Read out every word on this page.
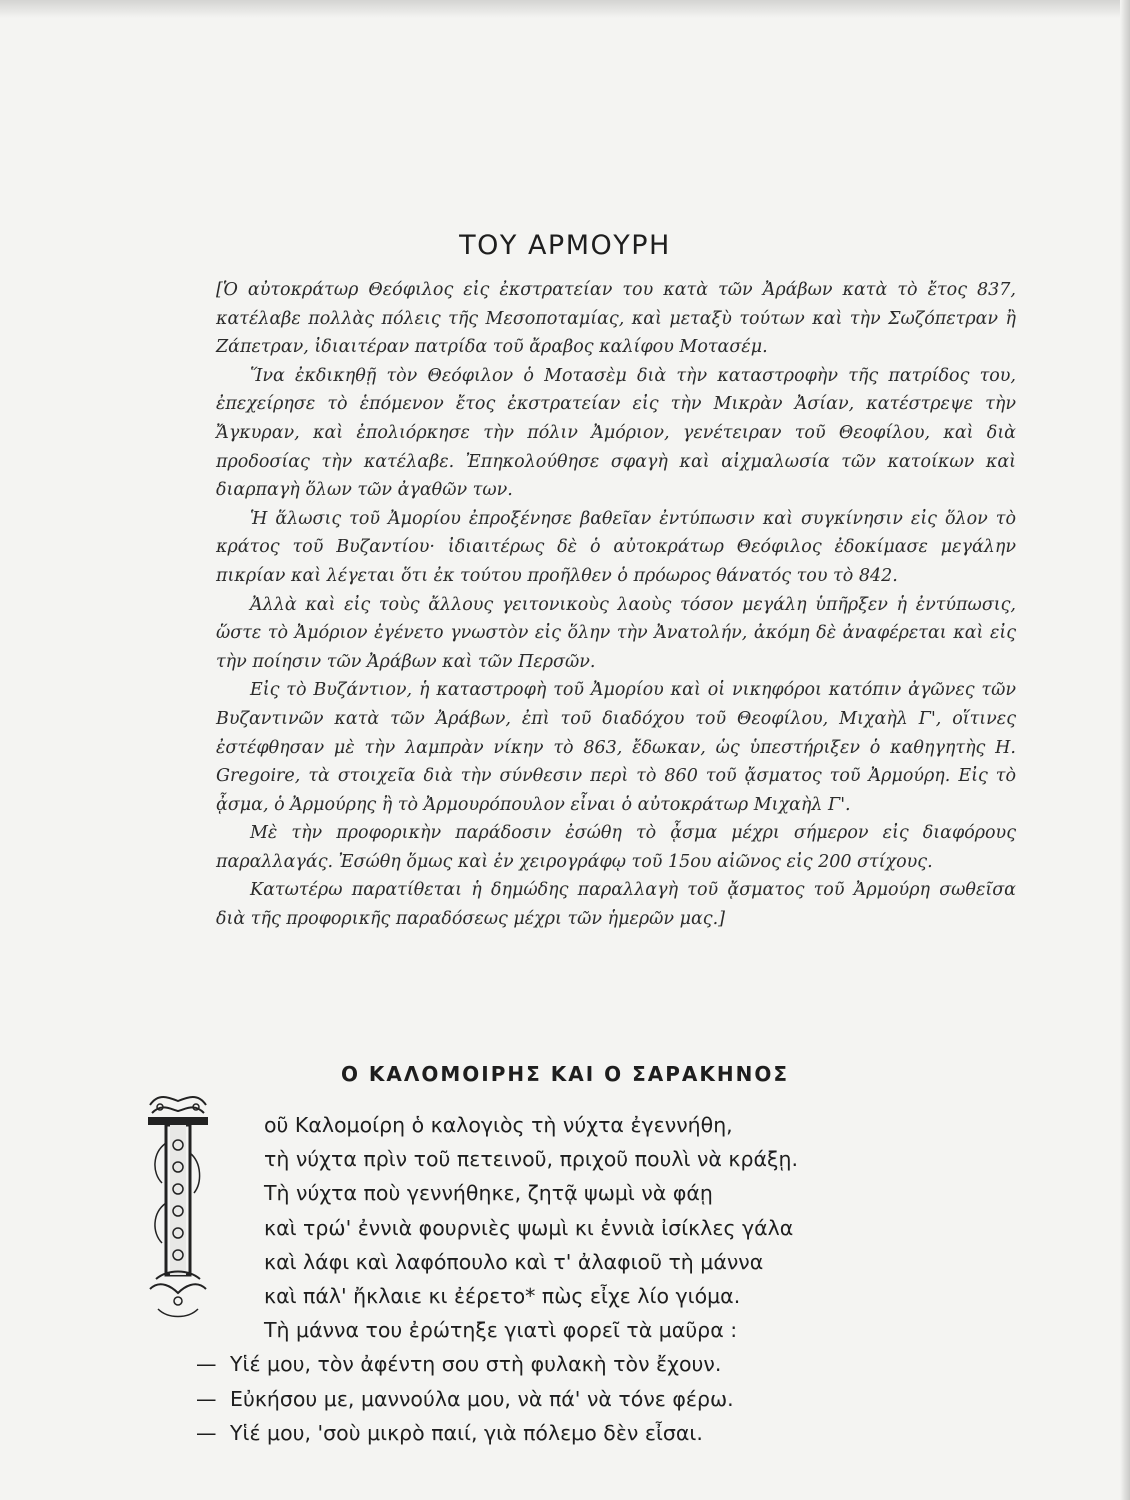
ΤΟΥ ΑΡΜΟΥΡΗ

[Ὁ αὐτοκράτωρ Θεόφιλος εἰς ἐκστρατείαν του κατὰ τῶν Ἀράβων κατὰ τὸ ἔτος 837, κατέλαβε πολλὰς πόλεις τῆς Μεσοποταμίας, καὶ μεταξὺ τούτων καὶ τὴν Σωζόπετραν ἢ Ζάπετραν, ἰδιαιτέραν πατρίδα τοῦ ἄραβος καλίφου Μοτασέμ.

Ἵνα ἐκδικηθῇ τὸν Θεόφιλον ὁ Μοτασὲμ διὰ τὴν καταστροφὴν τῆς πατρίδος του, ἐπεχείρησε τὸ ἑπόμενον ἔτος ἐκστρατείαν εἰς τὴν Μικρὰν Ἀσίαν, κατέστρεψε τὴν Ἄγκυραν, καὶ ἐπολιόρκησε τὴν πόλιν Ἀμόριον, γενέτειραν τοῦ Θεοφίλου, καὶ διὰ προδοσίας τὴν κατέλαβε. Ἐπηκολούθησε σφαγὴ καὶ αἰχμαλωσία τῶν κατοίκων καὶ διαρπαγὴ ὅλων τῶν ἀγαθῶν των.

Ἡ ἅλωσις τοῦ Ἀμορίου ἐπροξένησε βαθεῖαν ἐντύπωσιν καὶ συγκίνησιν εἰς ὅλον τὸ κράτος τοῦ Βυζαντίου· ἰδιαιτέρως δὲ ὁ αὐτοκράτωρ Θεόφιλος ἐδοκίμασε μεγάλην πικρίαν καὶ λέγεται ὅτι ἐκ τούτου προῆλθεν ὁ πρόωρος θάνατός του τὸ 842.

Ἀλλὰ καὶ εἰς τοὺς ἄλλους γειτονικοὺς λαοὺς τόσον μεγάλη ὑπῆρξεν ἡ ἐντύπωσις, ὥστε τὸ Ἀμόριον ἐγένετο γνωστὸν εἰς ὅλην τὴν Ἀνατολήν, ἀκόμη δὲ ἀναφέρεται καὶ εἰς τὴν ποίησιν τῶν Ἀράβων καὶ τῶν Περσῶν.

Εἰς τὸ Βυζάντιον, ἡ καταστροφὴ τοῦ Ἀμορίου καὶ οἱ νικηφόροι κατόπιν ἀγῶνες τῶν Βυζαντινῶν κατὰ τῶν Ἀράβων, ἐπὶ τοῦ διαδόχου τοῦ Θεοφίλου, Μιχαὴλ Γ', οἵτινες ἐστέφθησαν μὲ τὴν λαμπρὰν νίκην τὸ 863, ἔδωκαν, ὡς ὑπεστήριξεν ὁ καθηγητὴς H. Gregoire, τὰ στοιχεῖα διὰ τὴν σύνθεσιν περὶ τὸ 860 τοῦ ᾄσματος τοῦ Ἀρμούρη. Εἰς τὸ ᾆσμα, ὁ Ἀρμούρης ἢ τὸ Ἀρμουρόπουλον εἶναι ὁ αὐτοκράτωρ Μιχαὴλ Γ'.

Μὲ τὴν προφορικὴν παράδοσιν ἐσώθη τὸ ᾆσμα μέχρι σήμερον εἰς διαφόρους παραλλαγάς. Ἐσώθη ὅμως καὶ ἐν χειρογράφῳ τοῦ 15ου αἰῶνος εἰς 200 στίχους.

Κατωτέρω παρατίθεται ἡ δημώδης παραλλαγὴ τοῦ ᾄσματος τοῦ Ἀρμούρη σωθεῖσα διὰ τῆς προφορικῆς παραδόσεως μέχρι τῶν ἡμερῶν μας.]

Ο ΚΑΛΟΜΟΙΡΗΣ ΚΑΙ Ο ΣΑΡΑΚΗΝΟΣ
οῦ Καλομοίρη ὁ καλογιὸς τὴ νύχτα ἐγεννήθη,
τὴ νύχτα πρὶν τοῦ πετεινοῦ, πριχοῦ πουλὶ νὰ κράξῃ.
Τὴ νύχτα ποὺ γεννήθηκε, ζητᾷ ψωμὶ νὰ φάῃ
καὶ τρώ' ἐννιὰ φουρνιὲς ψωμὶ κι ἐννιὰ ἰσίκλες γάλα
καὶ λάφι καὶ λαφόπουλο καὶ τ' ἀλαφιοῦ τὴ μάννα
καὶ πάλ' ἤκλαιε κι ἐέρετο* πὼς εἶχε λίο γιόμα.
Τὴ μάννα του ἐρώτηξε γιατὶ φορεῖ τὰ μαῦρα :
— Υἱέ μου, τὸν ἀφέντη σου στὴ φυλακὴ τὸν ἔχουν.
— Εὐκήσου με, μαννούλα μου, νὰ πά' νὰ τόνε φέρω.
— Υἱέ μου, 'σοὺ μικρὸ παιί, γιὰ πόλεμο δὲν εἶσαι.
